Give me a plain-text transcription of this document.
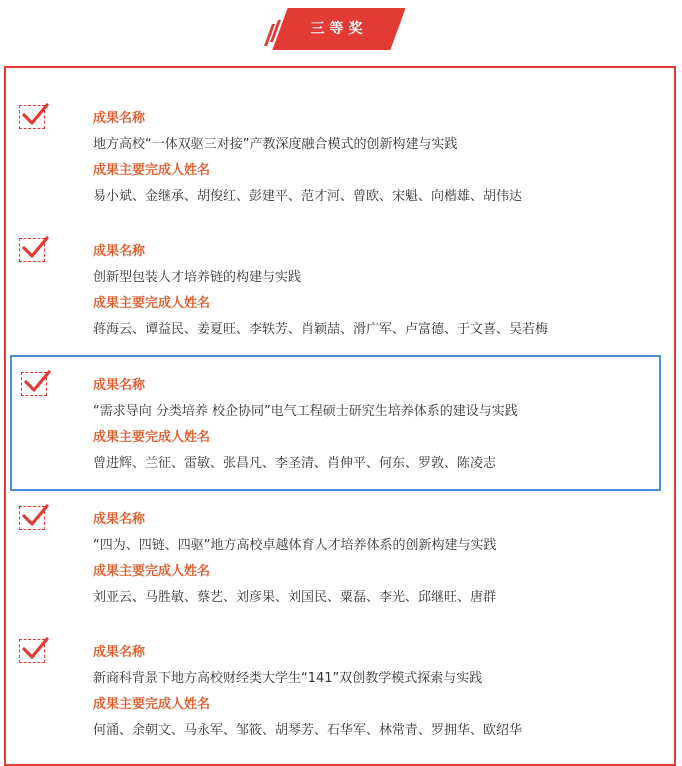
三等奖
成果名称
地方高校“一体双驱三对接”产教深度融合模式的创新构建与实践
成果主要完成人姓名
易小斌、金继承、胡俊红、彭建平、范才河、曾欧、宋魁、向楷雄、胡伟达
成果名称
创新型包装人才培养链的构建与实践
成果主要完成人姓名
蒋海云、谭益民、姜夏旺、李轶芳、肖颖喆、滑广军、卢富德、于文喜、吴若梅
成果名称
“需求导向 分类培养 校企协同”电气工程硕士研究生培养体系的建设与实践
成果主要完成人姓名
曾进辉、兰征、雷敏、张昌凡、李圣清、肖伸平、何东、罗敦、陈凌志
成果名称
“四为、四链、四驱”地方高校卓越体育人才培养体系的创新构建与实践
成果主要完成人姓名
刘亚云、马胜敏、蔡艺、刘彦果、刘国民、粟磊、李光、邱继旺、唐群
成果名称
新商科背景下地方高校财经类大学生“141”双创教学模式探索与实践
成果主要完成人姓名
何涌、余朝文、马永军、邹筱、胡琴芳、石华军、林常青、罗拥华、欧绍华
